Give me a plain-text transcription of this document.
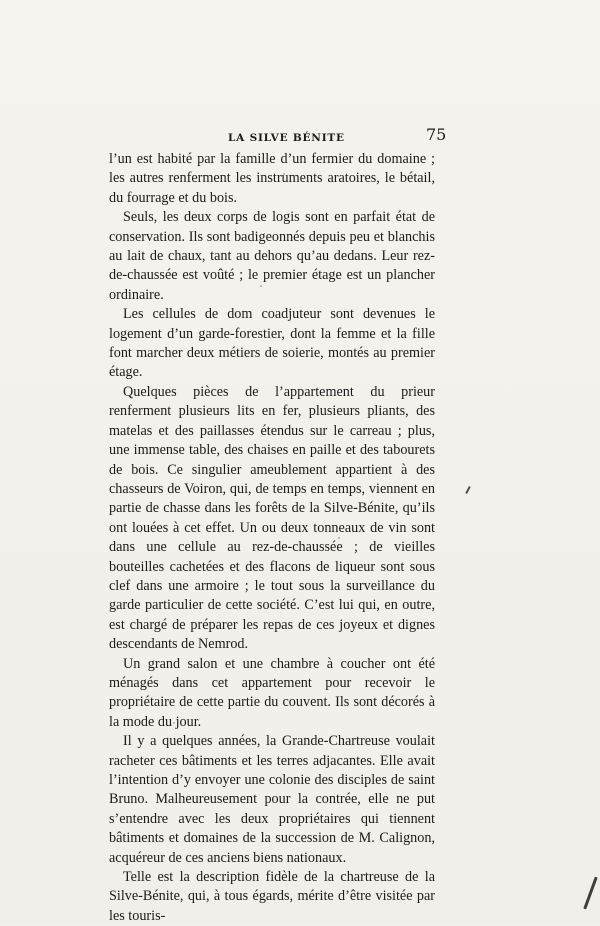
LA SILVE BÉNITE	75

l’un est habité par la famille d’un fermier du domaine ; les autres renferment les instruments aratoires, le bétail, du fourrage et du bois.

Seuls, les deux corps de logis sont en parfait état de conservation. Ils sont badigeonnés depuis peu et blanchis au lait de chaux, tant au dehors qu’au dedans. Leur rez-de-chaussée est voûté ; le premier étage est un plancher ordinaire.

Les cellules de dom coadjuteur sont devenues le logement d’un garde-forestier, dont la femme et la fille font marcher deux métiers de soierie, montés au premier étage.

Quelques pièces de l’appartement du prieur renferment plusieurs lits en fer, plusieurs pliants, des matelas et des paillasses étendus sur le carreau ; plus, une immense table, des chaises en paille et des tabourets de bois. Ce singulier ameublement appartient à des chasseurs de Voiron, qui, de temps en temps, viennent en partie de chasse dans les forêts de la Silve-Bénite, qu’ils ont louées à cet effet. Un ou deux tonneaux de vin sont dans une cellule au rez-de-chaussée ; de vieilles bouteilles cachetées et des flacons de liqueur sont sous clef dans une armoire ; le tout sous la surveillance du garde particulier de cette société. C’est lui qui, en outre, est chargé de préparer les repas de ces joyeux et dignes descendants de Nemrod.

Un grand salon et une chambre à coucher ont été ménagés dans cet appartement pour recevoir le propriétaire de cette partie du couvent. Ils sont décorés à la mode du jour.

Il y a quelques années, la Grande-Chartreuse voulait racheter ces bâtiments et les terres adjacantes. Elle avait l’intention d’y envoyer une colonie des disciples de saint Bruno. Malheureusement pour la contrée, elle ne put s’entendre avec les deux propriétaires qui tiennent bâtiments et domaines de la succession de M. Calignon, acquéreur de ces anciens biens nationaux.

Telle est la description fidèle de la chartreuse de la Silve-Bénite, qui, à tous égards, mérite d’être visitée par les touris-
